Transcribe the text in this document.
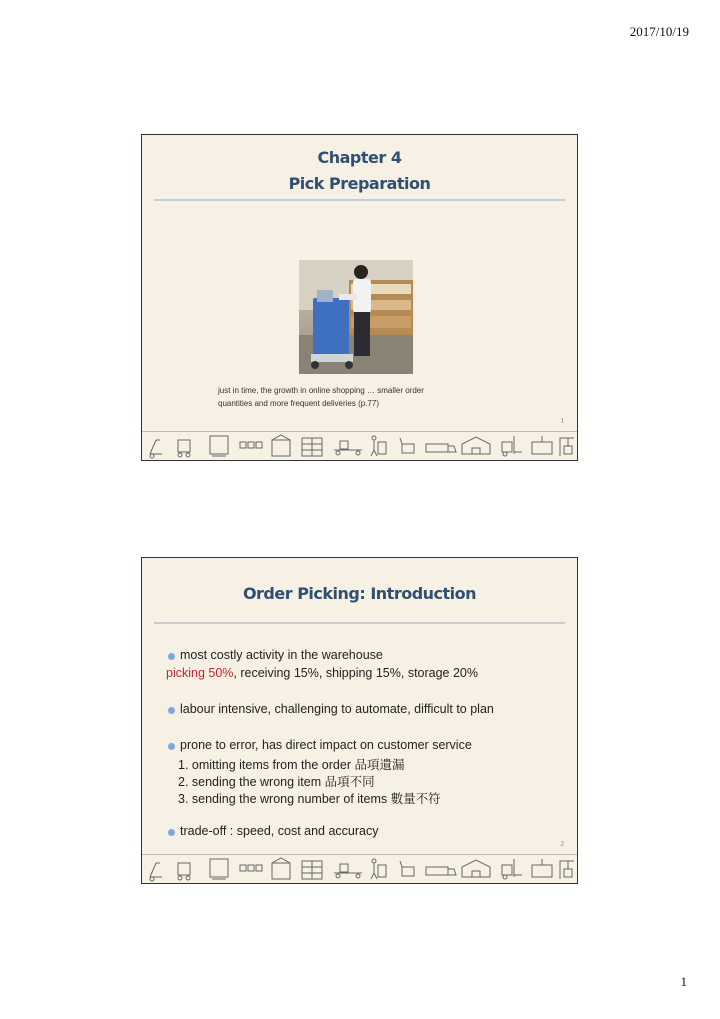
2017/10/19
Chapter 4
Pick Preparation
just in time, the growth in online shopping … smaller order
quantities and more frequent deliveries (p.77)
1
Order Picking: Introduction
most costly activity in the warehouse
picking 50%, receiving 15%, shipping 15%, storage 20%
labour intensive, challenging to automate, difficult to plan
prone to error, has direct impact on customer service
1. omitting items from the order 品項遺漏
2. sending the wrong item 品項不同
3. sending the wrong number of items 數量不符
trade-off : speed, cost and accuracy
2
1
